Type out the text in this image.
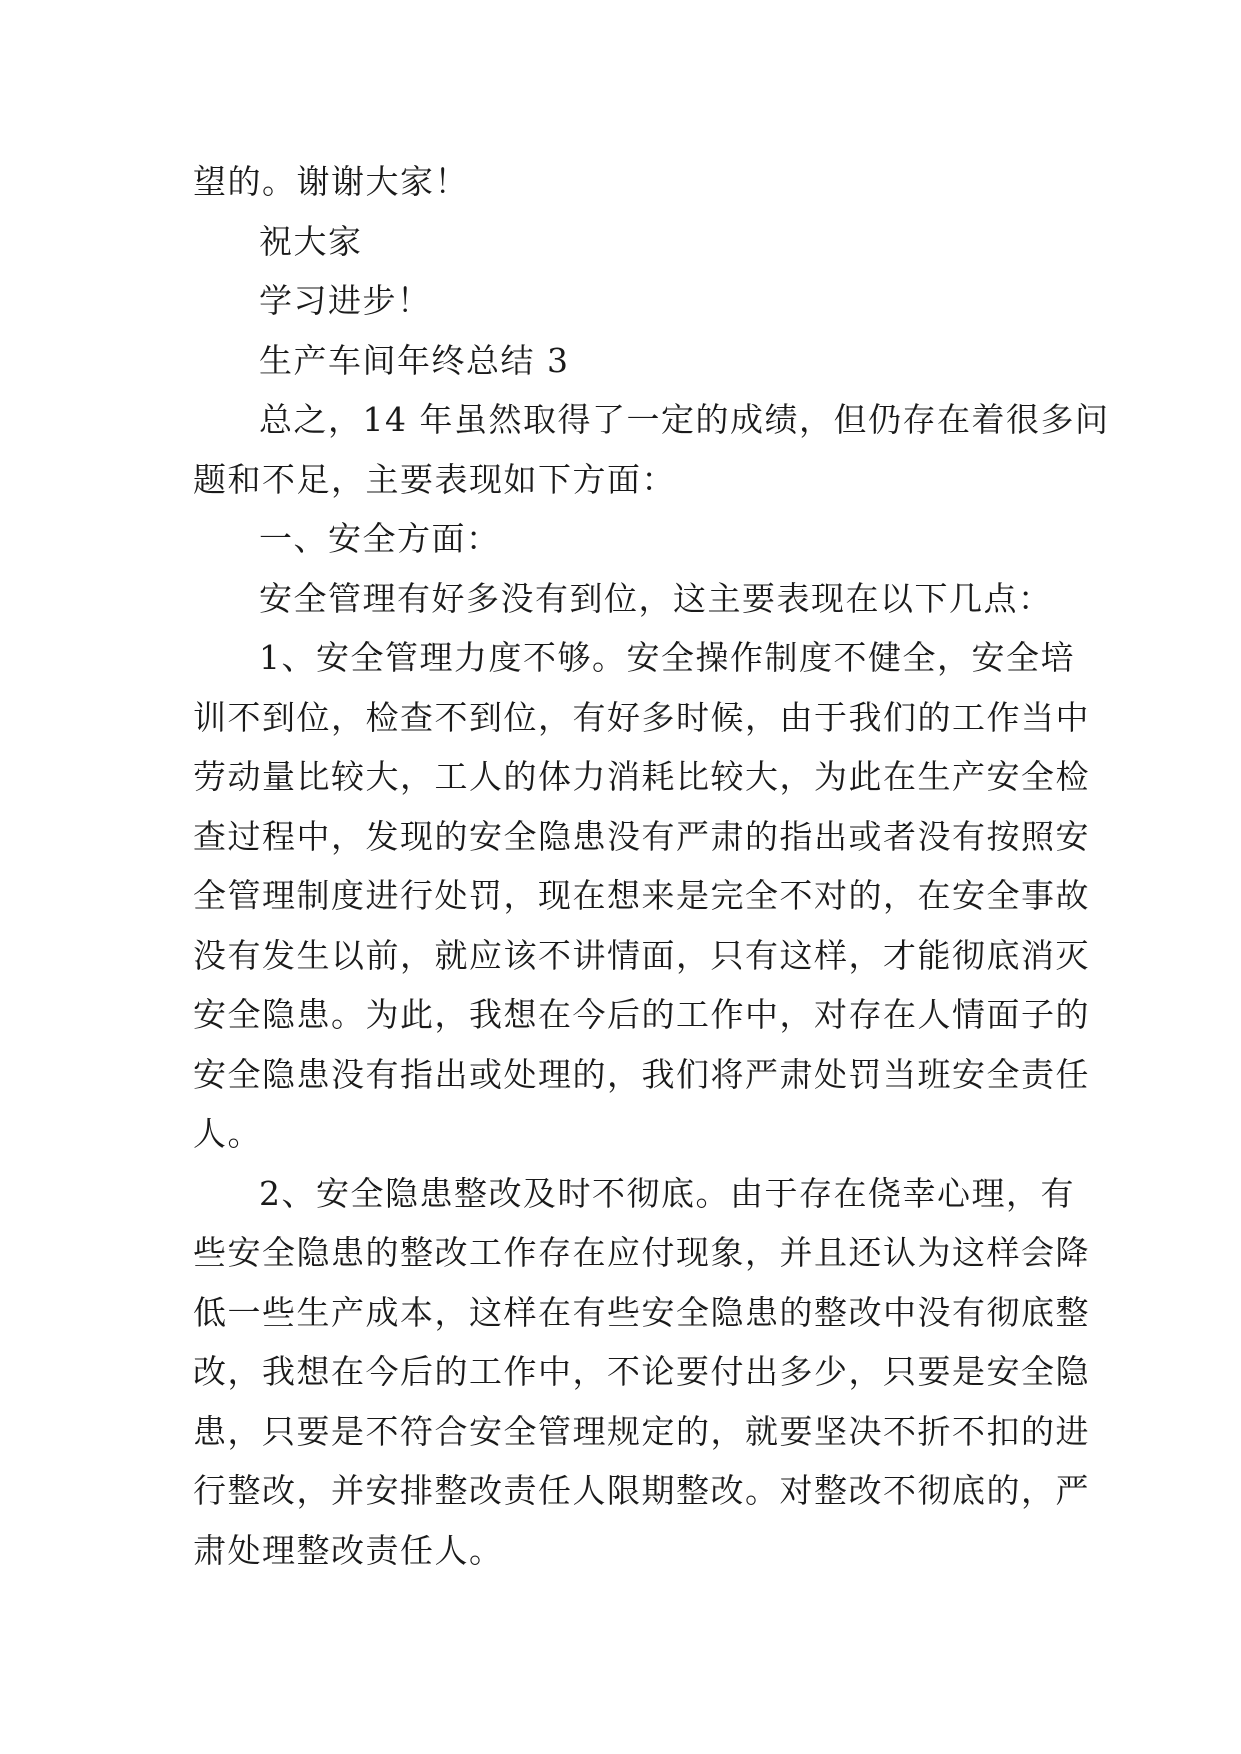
望的。谢谢大家！
祝大家
学习进步！
生产车间年终总结 3
总之，14 年虽然取得了一定的成绩，但仍存在着很多问
题和不足，主要表现如下方面：
一、安全方面：
安全管理有好多没有到位，这主要表现在以下几点：
1、安全管理力度不够。安全操作制度不健全，安全培
训不到位，检查不到位，有好多时候，由于我们的工作当中
劳动量比较大，工人的体力消耗比较大，为此在生产安全检
查过程中，发现的安全隐患没有严肃的指出或者没有按照安
全管理制度进行处罚，现在想来是完全不对的，在安全事故
没有发生以前，就应该不讲情面，只有这样，才能彻底消灭
安全隐患。为此，我想在今后的工作中，对存在人情面子的
安全隐患没有指出或处理的，我们将严肃处罚当班安全责任
人。
2、安全隐患整改及时不彻底。由于存在侥幸心理，有
些安全隐患的整改工作存在应付现象，并且还认为这样会降
低一些生产成本，这样在有些安全隐患的整改中没有彻底整
改，我想在今后的工作中，不论要付出多少，只要是安全隐
患，只要是不符合安全管理规定的，就要坚决不折不扣的进
行整改，并安排整改责任人限期整改。对整改不彻底的，严
肃处理整改责任人。
